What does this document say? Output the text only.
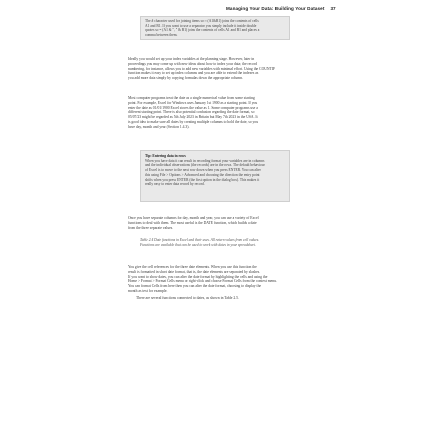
Managing Your Data: Building Your Dataset 37
The # character used for joining items so ≈ (A1&B1) joins the contents of cells
A1 and B1. If you want to use a separator you simply include it inside double
quotes so = (A1 & ", " & B1) joins the contents of cells A1 and B1 and places a
comma between them.
Ideally you would set up your index variables at the planning stage. However, later in
proceedings you may come up with new ideas about how to index your data; the record
numbering, for instance, allows you to add new variables with minimal effort. Using the COUNTIF
function makes it easy to set up index columns and you are able to extend the indexes as
you add more data simply by copying formulas down the appropriate column.
Most computer programs treat the date as a single numerical value from some starting
point. For example, Excel for Windows uses January 1st 1900 as a starting point. If you
enter the date as 01/01/1900 Excel stores the value as 1. Some computer programs use a
different starting point. There is also potential confusion regarding the date format, so
05/07/23 might be regarded as 5th July 2023 in Britain but May 7th 2023 in the USA. It
is good idea to make sure all dates by creating multiple columns to hold the date, so you
have day, month and year (Section 1.4.3).
Tip: Entering data in rows
When you have data it can result in recording format your variables are in columns
and the individual observations (the records) are in the rows. The default behaviour
of Excel is to move to the next row down when you press ENTER. You can alter
this using File > Options > Advanced and choosing the direction the entry point
shifts when you press ENTER (the first option in the dialog box). This makes it
really easy to enter data record by record.
Once you have separate columns for day, month and year, you can use a variety of Excel
functions to deal with them. The most useful is the DATE function, which builds a date
from the three separate values.
Table 2.4 Date functions in Excel and their uses. All return values from cell values.
Functions are available that can be used to work with dates in your spreadsheet.
You give the cell references for the three date elements. When you use this function the
result is formatted in short date format, that is, the date elements are separated by slashes.
If you want to show dates, you can alter the date format by highlighting the cells and using the
Home > Format > Format Cells menu or right-click and choose Format Cells from the context menu.
You can format Cells from here then you can alter the date format, choosing to display the
month as text for example.
There are several functions connected to dates, as shown in Table 2.5.
